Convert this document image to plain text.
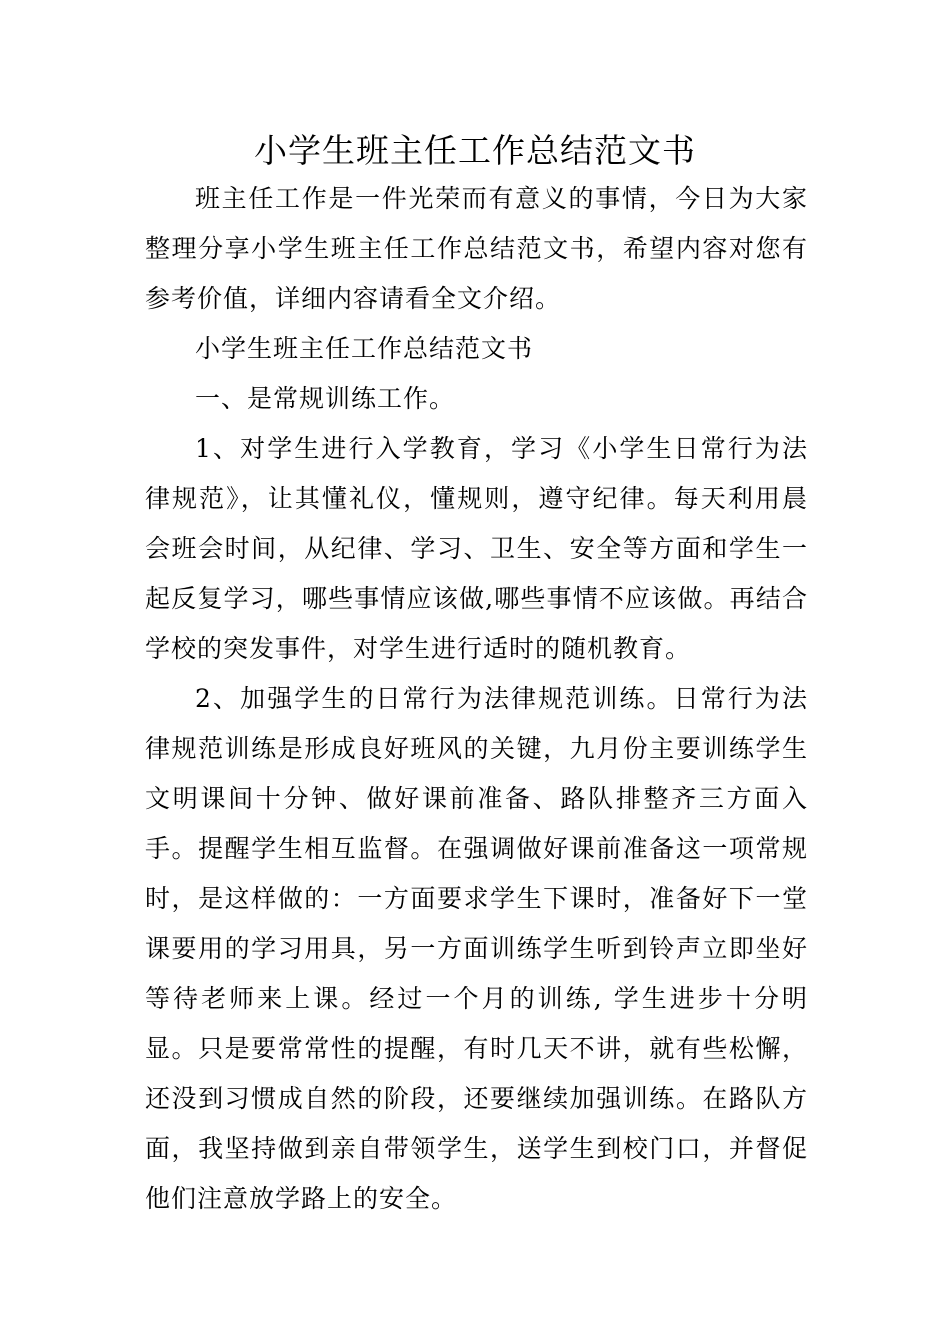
小学生班主任工作总结范文书

班主任工作是一件光荣而有意义的事情，今日为大家整理分享小学生班主任工作总结范文书，希望内容对您有参考价值，详细内容请看全文介绍。

小学生班主任工作总结范文书

一、是常规训练工作。

1、对学生进行入学教育，学习《小学生日常行为法律规范》，让其懂礼仪，懂规则，遵守纪律。每天利用晨会班会时间，从纪律、学习、卫生、安全等方面和学生一起反复学习，哪些事情应该做,哪些事情不应该做。再结合学校的突发事件，对学生进行适时的随机教育。

2、加强学生的日常行为法律规范训练。日常行为法律规范训练是形成良好班风的关键，九月份主要训练学生文明课间十分钟、做好课前准备、路队排整齐三方面入手。提醒学生相互监督。在强调做好课前准备这一项常规时，是这样做的：一方面要求学生下课时，准备好下一堂课要用的学习用具，另一方面训练学生听到铃声立即坐好等待老师来上课。经过一个月的训练, 学生进步十分明显。只是要常常性的提醒，有时几天不讲，就有些松懈，还没到习惯成自然的阶段，还要继续加强训练。在路队方面，我坚持做到亲自带领学生，送学生到校门口，并督促他们注意放学路上的安全。
